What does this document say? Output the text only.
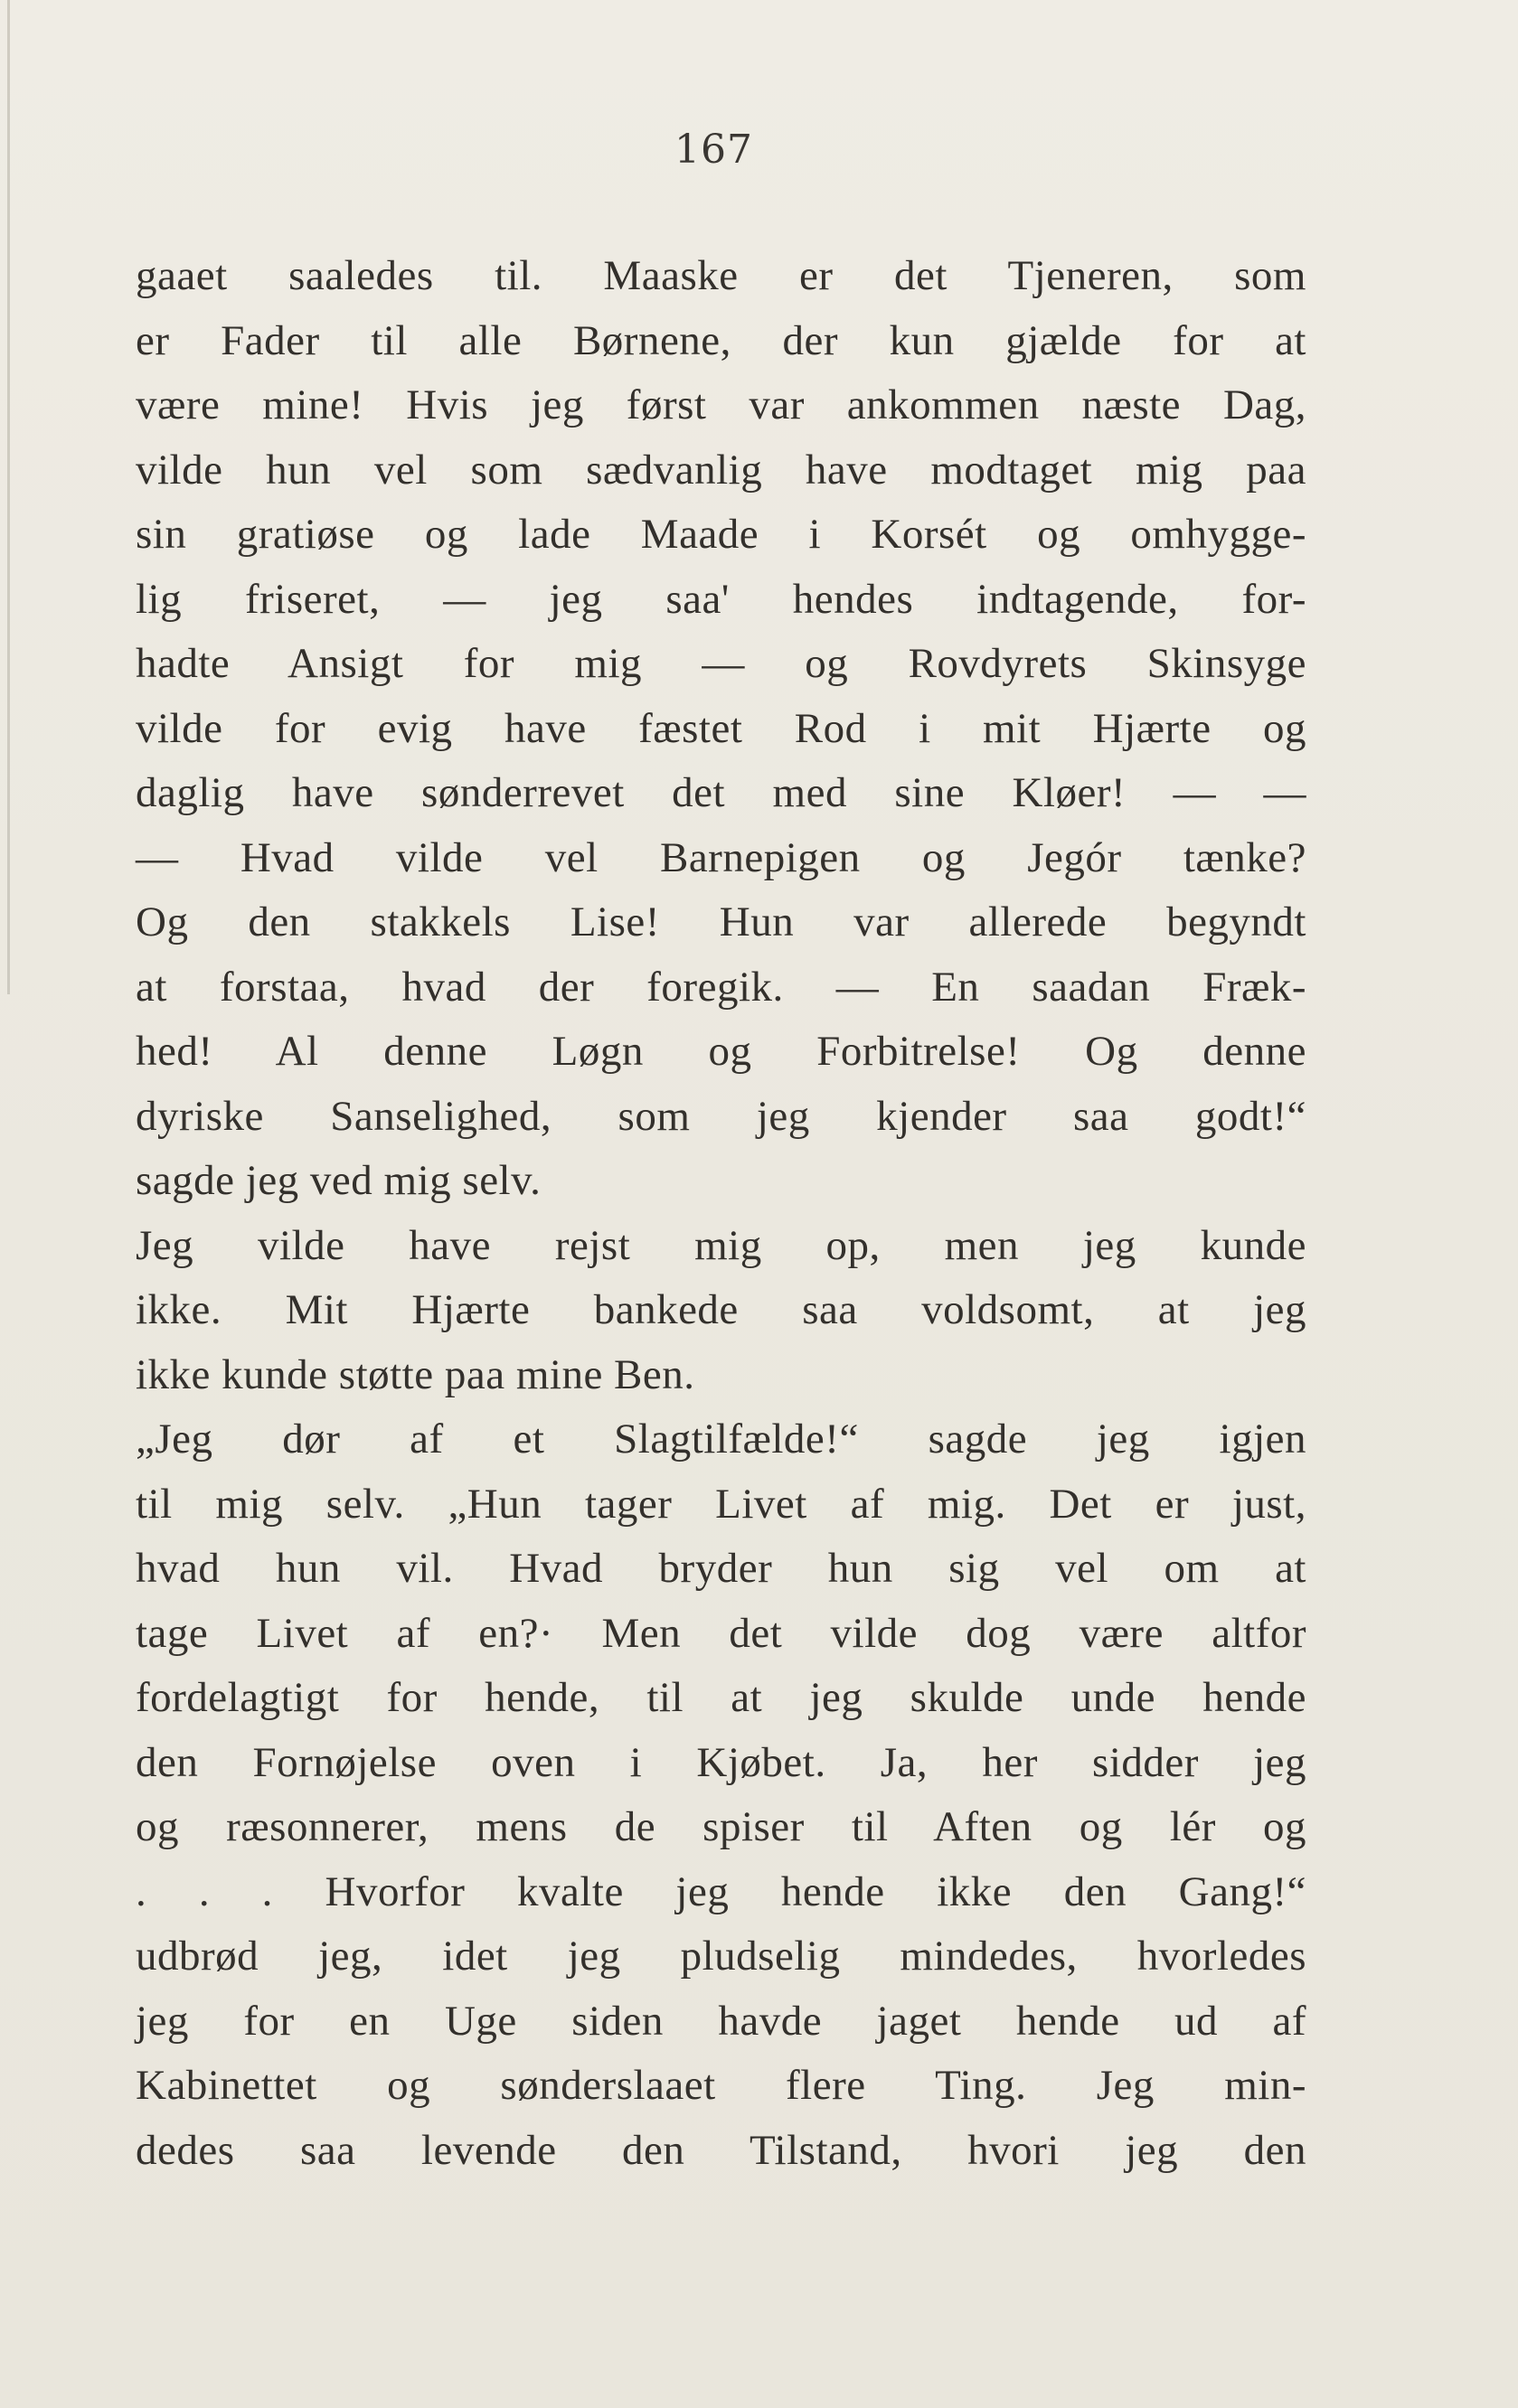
167
gaaet saaledes til. Maaske er det Tjeneren, som
er Fader til alle Børnene, der kun gjælde for at
være mine! Hvis jeg først var ankommen næste Dag,
vilde hun vel som sædvanlig have modtaget mig paa
sin gratiøse og lade Maade i Korsét og omhygge-
lig friseret, — jeg saa' hendes indtagende, for-
hadte Ansigt for mig — og Rovdyrets Skinsyge
vilde for evig have fæstet Rod i mit Hjærte og
daglig have sønderrevet det med sine Kløer! — —
— Hvad vilde vel Barnepigen og Jegór tænke?
Og den stakkels Lise! Hun var allerede begyndt
at forstaa, hvad der foregik. — En saadan Fræk-
hed! Al denne Løgn og Forbitrelse! Og denne
dyriske Sanselighed, som jeg kjender saa godt!“
sagde jeg ved mig selv.
Jeg vilde have rejst mig op, men jeg kunde
ikke. Mit Hjærte bankede saa voldsomt, at jeg
ikke kunde støtte paa mine Ben.
„Jeg dør af et Slagtilfælde!“ sagde jeg igjen
til mig selv. „Hun tager Livet af mig. Det er just,
hvad hun vil. Hvad bryder hun sig vel om at
tage Livet af en?· Men det vilde dog være altfor
fordelagtigt for hende, til at jeg skulde unde hende
den Fornøjelse oven i Kjøbet. Ja, her sidder jeg
og ræsonnerer, mens de spiser til Aften og lér og
. . . Hvorfor kvalte jeg hende ikke den Gang!“
udbrød jeg, idet jeg pludselig mindedes, hvorledes
jeg for en Uge siden havde jaget hende ud af
Kabinettet og sønderslaaet flere Ting. Jeg min-
dedes saa levende den Tilstand, hvori jeg den
